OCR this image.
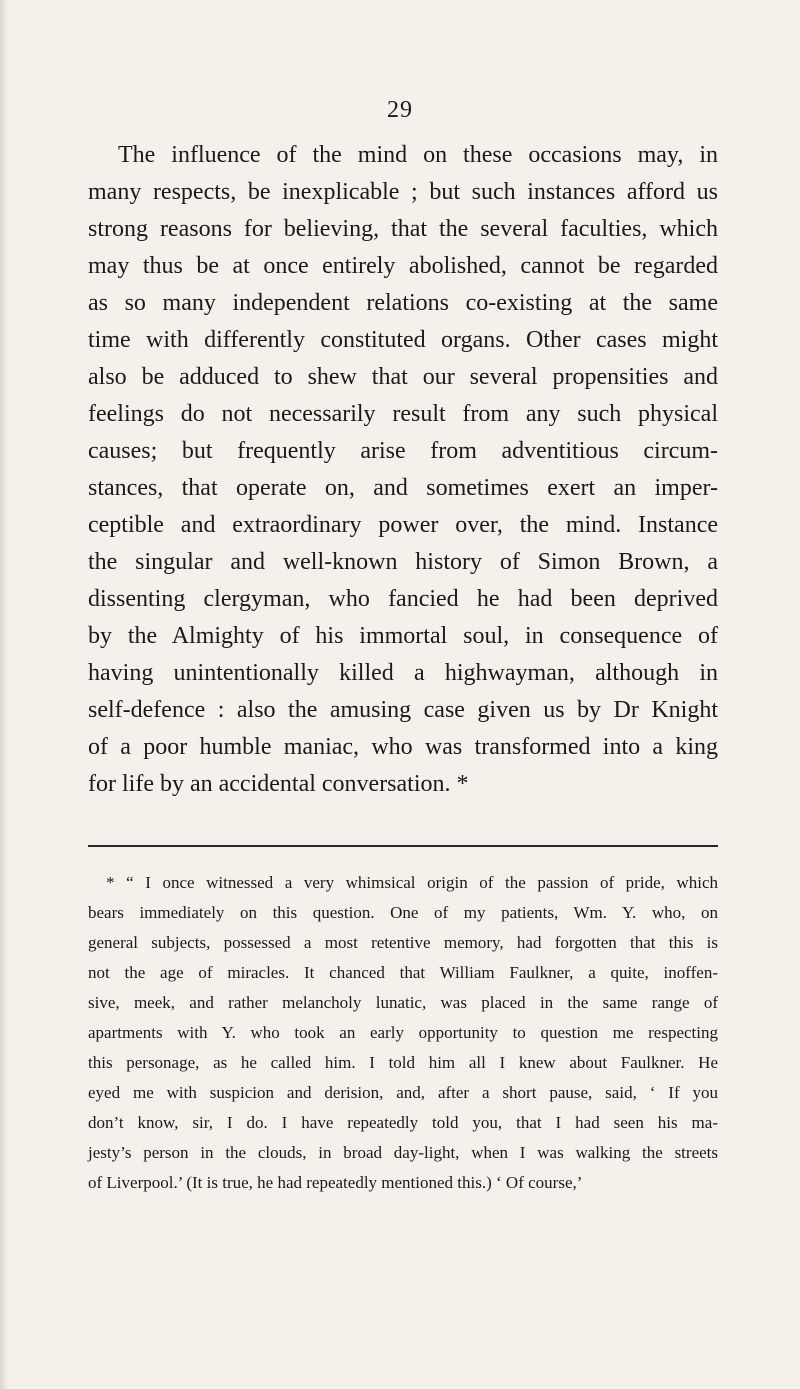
29
The influence of the mind on these occasions may, in
many respects, be inexplicable ; but such instances afford us
strong reasons for believing, that the several faculties, which
may thus be at once entirely abolished, cannot be regarded
as so many independent relations co-existing at the same
time with differently constituted organs. Other cases might
also be adduced to shew that our several propensities and
feelings do not necessarily result from any such physical
causes; but frequently arise from adventitious circum-
stances, that operate on, and sometimes exert an imper-
ceptible and extraordinary power over, the mind. Instance
the singular and well-known history of Simon Brown, a
dissenting clergyman, who fancied he had been deprived
by the Almighty of his immortal soul, in consequence of
having unintentionally killed a highwayman, although in
self-defence : also the amusing case given us by Dr Knight
of a poor humble maniac, who was transformed into a king
for life by an accidental conversation. *
* “ I once witnessed a very whimsical origin of the passion of pride, which
bears immediately on this question. One of my patients, Wm. Y. who, on
general subjects, possessed a most retentive memory, had forgotten that this is
not the age of miracles. It chanced that William Faulkner, a quite, inoffen-
sive, meek, and rather melancholy lunatic, was placed in the same range of
apartments with Y. who took an early opportunity to question me respecting
this personage, as he called him. I told him all I knew about Faulkner. He
eyed me with suspicion and derision, and, after a short pause, said, ‘ If you
don’t know, sir, I do. I have repeatedly told you, that I had seen his ma-
jesty’s person in the clouds, in broad day-light, when I was walking the streets
of Liverpool.’ (It is true, he had repeatedly mentioned this.) ‘ Of course,’
